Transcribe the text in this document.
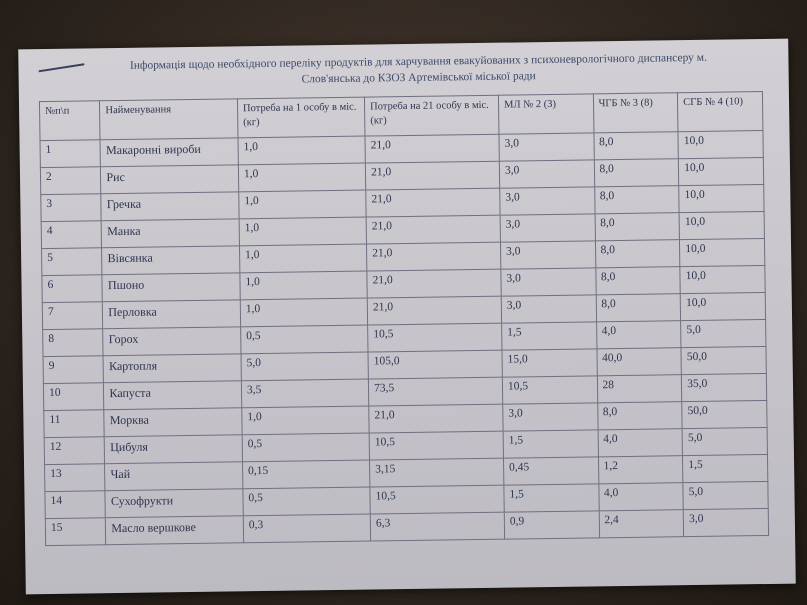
Інформація щодо необхідного переліку продуктів для харчування евакуйованих з психоневрологічного диспансеру м.
Слов'янська до КЗОЗ Артемівської міської ради
№п\п	Найменування	Потреба на 1 особу в міс. (кг)	Потреба на 21 особу в міс. (кг)	МЛ № 2 (3)	ЧГБ № 3 (8)	СГБ № 4 (10)
1	Макаронні вироби	1,0	21,0	3,0	8,0	10,0
2	Рис	1,0	21,0	3,0	8,0	10,0
3	Гречка	1,0	21,0	3,0	8,0	10,0
4	Манка	1,0	21,0	3,0	8,0	10,0
5	Вівсянка	1,0	21,0	3,0	8,0	10,0
6	Пшоно	1,0	21,0	3,0	8,0	10,0
7	Перловка	1,0	21,0	3,0	8,0	10,0
8	Горох	0,5	10,5	1,5	4,0	5,0
9	Картопля	5,0	105,0	15,0	40,0	50,0
10	Капуста	3,5	73,5	10,5	28	35,0
11	Морква	1,0	21,0	3,0	8,0	50,0
12	Цибуля	0,5	10,5	1,5	4,0	5,0
13	Чай	0,15	3,15	0,45	1,2	1,5
14	Сухофрукти	0,5	10,5	1,5	4,0	5,0
15	Масло вершкове	0,3	6,3	0,9	2,4	3,0
